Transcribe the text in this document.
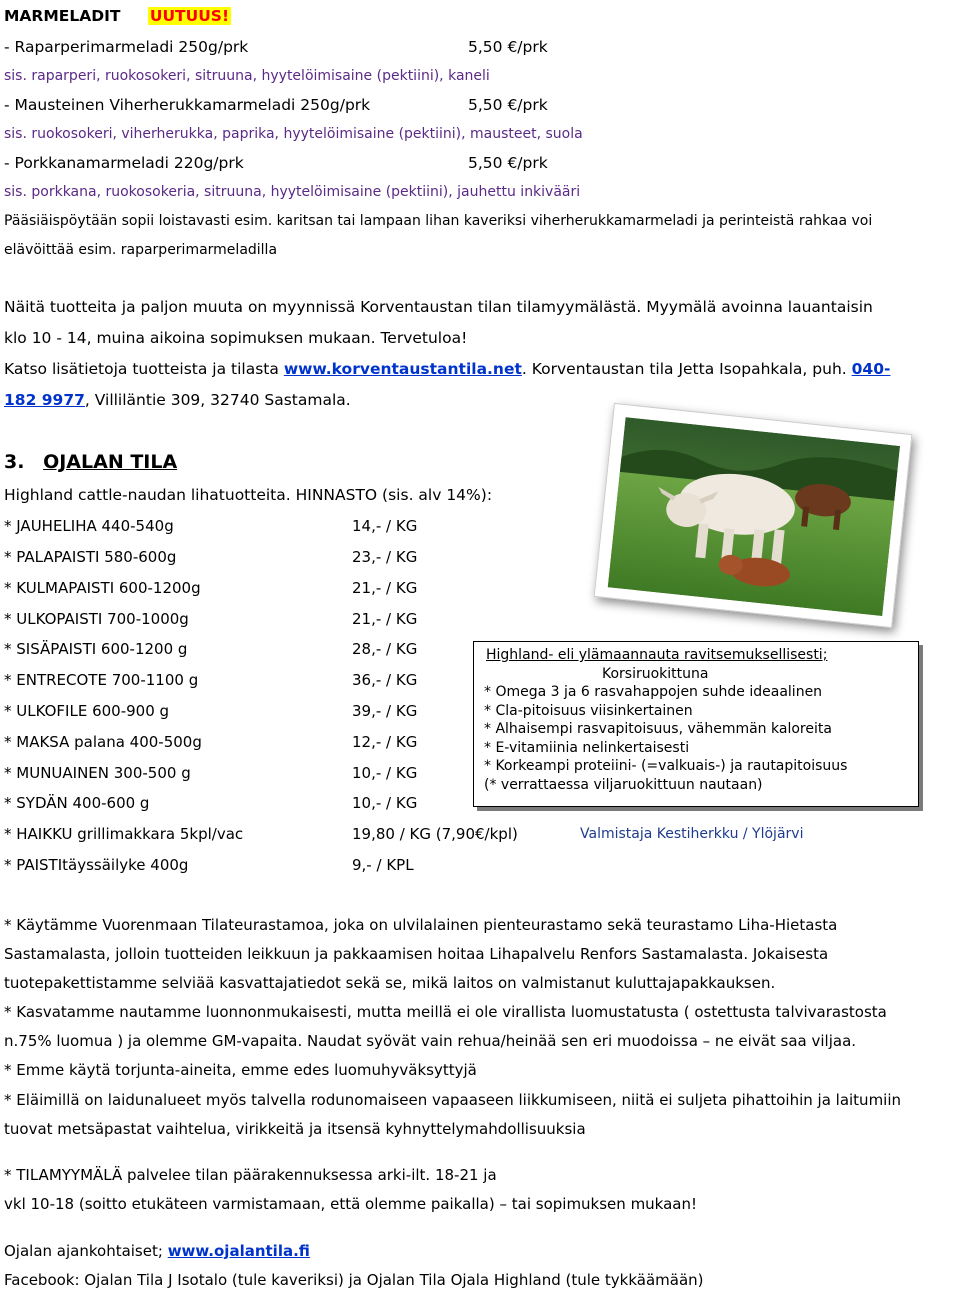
MARMELADIT UUTUUS!
- Raparperimarmeladi 250g/prk	5,50 €/prk
sis. raparperi, ruokosokeri, sitruuna, hyytelöimisaine (pektiini), kaneli
- Mausteinen Viherherukkamarmeladi 250g/prk	5,50 €/prk
sis. ruokosokeri, viherherukka, paprika, hyytelöimisaine (pektiini), mausteet, suola
- Porkkanamarmeladi 220g/prk	5,50 €/prk
sis. porkkana, ruokosokeria, sitruuna, hyytelöimisaine (pektiini), jauhettu inkivääri
Pääsiäispöytään sopii loistavasti esim. karitsan tai lampaan lihan kaveriksi viherherukkamarmeladi ja perinteistä rahkaa voi
elävöittää esim. raparperimarmeladilla
Näitä tuotteita ja paljon muuta on myynnissä Korventaustan tilan tilamyymälästä. Myymälä avoinna lauantaisin
klo 10 - 14, muina aikoina sopimuksen mukaan. Tervetuloa!
Katso lisätietoja tuotteista ja tilasta www.korventaustantila.net. Korventaustan tila Jetta Isopahkala, puh. 040-
182 9977, Villiläntie 309, 32740 Sastamala.
3. OJALAN TILA
Highland cattle-naudan lihatuotteita. HINNASTO (sis. alv 14%):
* JAUHELIHA 440-540g	14,- / KG
* PALAPAISTI 580-600g	23,- / KG
* KULMAPAISTI 600-1200g	21,- / KG
* ULKOPAISTI 700-1000g	21,- / KG
* SISÄPAISTI 600-1200 g	28,- / KG
* ENTRECOTE 700-1100 g	36,- / KG
* ULKOFILE 600-900 g	39,- / KG
* MAKSA palana 400-500g	12,- / KG
* MUNUAINEN 300-500 g	10,- / KG
* SYDÄN 400-600 g	10,- / KG
* HAIKKU grillimakkara 5kpl/vac	19,80 / KG (7,90€/kpl)	Valmistaja Kestiherkku / Ylöjärvi
* PAISTItäyssäilyke 400g	9,- / KPL
Highland- eli ylämaannauta ravitsemuksellisesti;
Korsiruokittuna
* Omega 3 ja 6 rasvahappojen suhde ideaalinen
* Cla-pitoisuus viisinkertainen
* Alhaisempi rasvapitoisuus, vähemmän kaloreita
* E-vitamiinia nelinkertaisesti
* Korkeampi proteiini- (=valkuais-) ja rautapitoisuus
(* verrattaessa viljaruokittuun nautaan)
* Käytämme Vuorenmaan Tilateurastamoa, joka on ulvilalainen pienteurastamo sekä teurastamo Liha-Hietasta
Sastamalasta, jolloin tuotteiden leikkuun ja pakkaamisen hoitaa Lihapalvelu Renfors Sastamalasta. Jokaisesta
tuotepakettistamme selviää kasvattajatiedot sekä se, mikä laitos on valmistanut kuluttajapakkauksen.
* Kasvatamme nautamme luonnonmukaisesti, mutta meillä ei ole virallista luomustatusta ( ostettusta talvivarastosta
n.75% luomua ) ja olemme GM-vapaita. Naudat syövät vain rehua/heinää sen eri muodoissa – ne eivät saa viljaa.
* Emme käytä torjunta-aineita, emme edes luomuhyväksyttyjä
* Eläimillä on laidunalueet myös talvella rodunomaiseen vapaaseen liikkumiseen, niitä ei suljeta pihattoihin ja laitumiin
tuovat metsäpastat vaihtelua, virikkeitä ja itsensä kyhnyttelymahdollisuuksia
* TILAMYYMÄLÄ palvelee tilan päärakennuksessa arki-ilt. 18-21 ja
vkl 10-18 (soitto etukäteen varmistamaan, että olemme paikalla) – tai sopimuksen mukaan!
Ojalan ajankohtaiset; www.ojalantila.fi
Facebook: Ojalan Tila J Isotalo (tule kaveriksi) ja Ojalan Tila Ojala Highland (tule tykkäämään)
